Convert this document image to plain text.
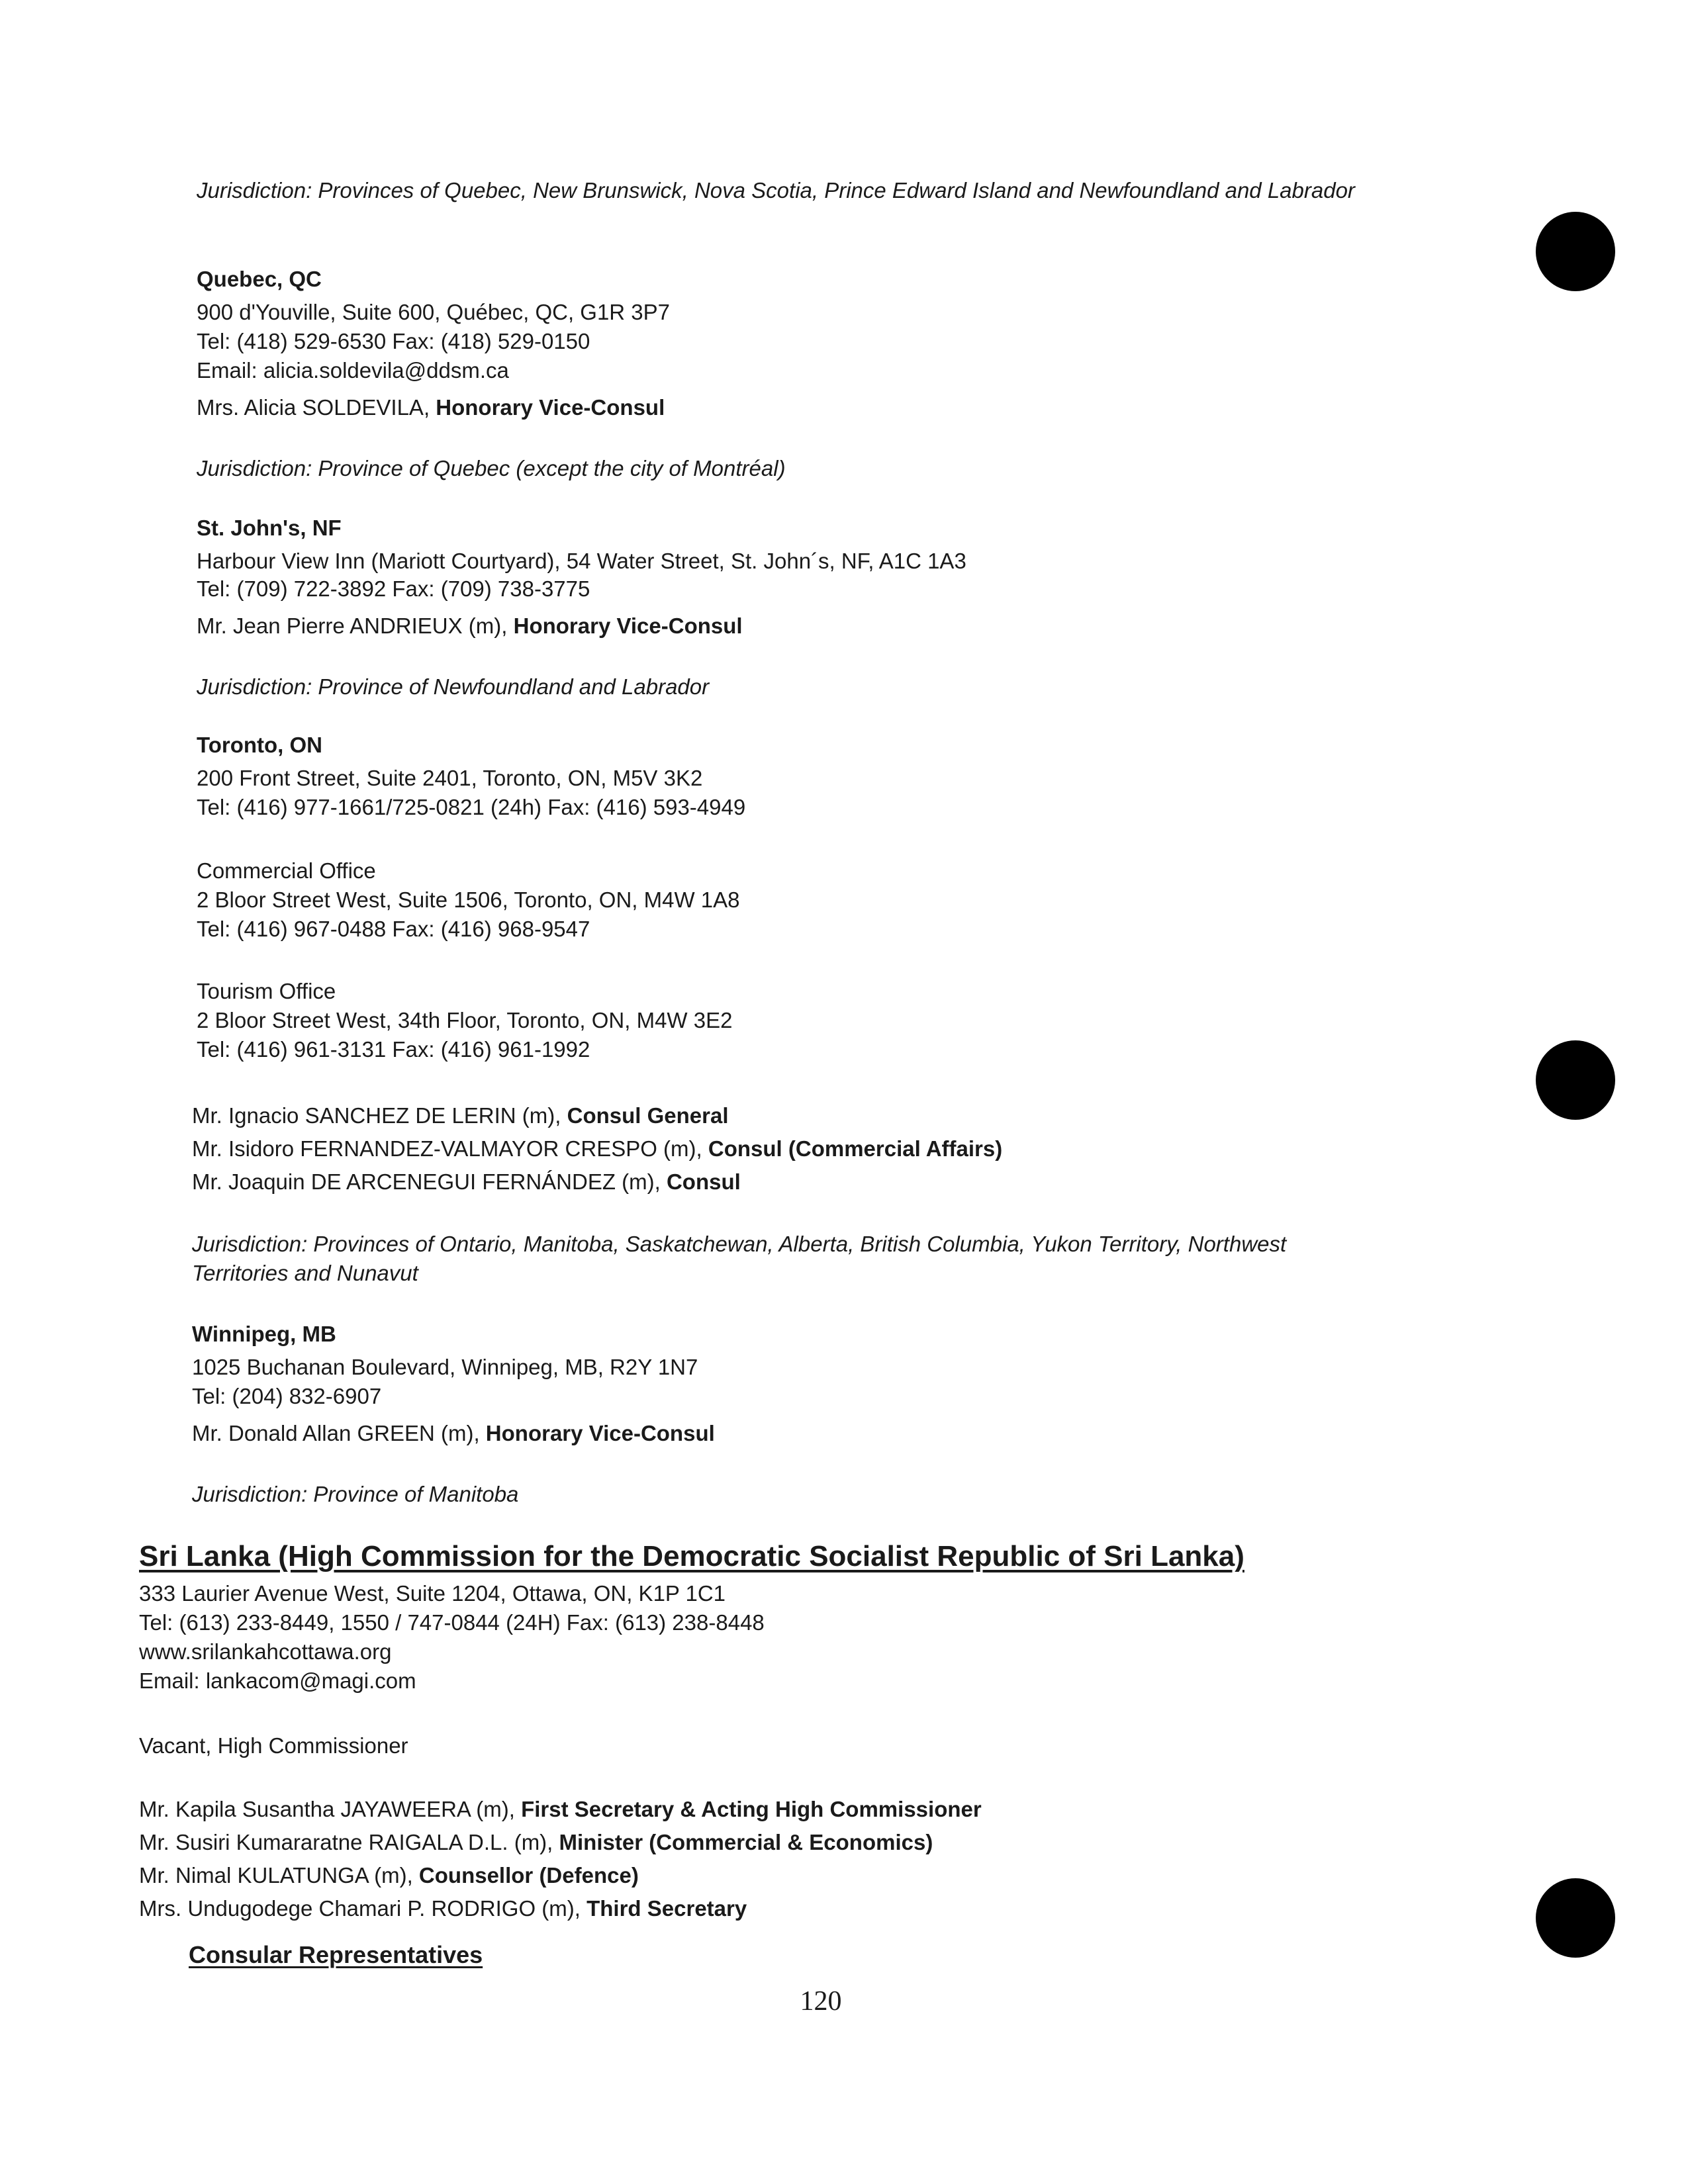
Jurisdiction: Provinces of Quebec, New Brunswick, Nova Scotia, Prince Edward Island and Newfoundland and Labrador
Quebec, QC
900 d'Youville, Suite 600, Québec, QC, G1R 3P7
Tel: (418) 529-6530 Fax: (418) 529-0150
Email: alicia.soldevila@ddsm.ca
Mrs. Alicia SOLDEVILA, Honorary Vice-Consul
Jurisdiction: Province of Quebec (except the city of Montréal)
St. John's, NF
Harbour View Inn (Mariott Courtyard), 54 Water Street, St. John´s, NF, A1C 1A3
Tel: (709) 722-3892 Fax: (709) 738-3775
Mr. Jean Pierre ANDRIEUX (m), Honorary Vice-Consul
Jurisdiction: Province of Newfoundland and Labrador
Toronto, ON
200 Front Street, Suite 2401, Toronto, ON, M5V 3K2
Tel: (416) 977-1661/725-0821 (24h) Fax: (416) 593-4949
Commercial Office
2 Bloor Street West, Suite 1506, Toronto, ON, M4W 1A8
Tel: (416) 967-0488 Fax: (416) 968-9547
Tourism Office
2 Bloor Street West, 34th Floor, Toronto, ON, M4W 3E2
Tel: (416) 961-3131 Fax: (416) 961-1992
Mr. Ignacio SANCHEZ DE LERIN (m), Consul General
Mr. Isidoro FERNANDEZ-VALMAYOR CRESPO (m), Consul (Commercial Affairs)
Mr. Joaquin DE ARCENEGUI FERNÁNDEZ (m), Consul
Jurisdiction: Provinces of Ontario, Manitoba, Saskatchewan, Alberta, British Columbia, Yukon Territory, Northwest
Territories and Nunavut
Winnipeg, MB
1025 Buchanan Boulevard, Winnipeg, MB, R2Y 1N7
Tel: (204) 832-6907
Mr. Donald Allan GREEN (m), Honorary Vice-Consul
Jurisdiction: Province of Manitoba
Sri Lanka (High Commission for the Democratic Socialist Republic of Sri Lanka)
333 Laurier Avenue West, Suite 1204, Ottawa, ON, K1P 1C1
Tel: (613) 233-8449, 1550 / 747-0844 (24H) Fax: (613) 238-8448
www.srilankahcottawa.org
Email: lankacom@magi.com
Vacant, High Commissioner
Mr. Kapila Susantha JAYAWEERA (m), First Secretary & Acting High Commissioner
Mr. Susiri Kumararatne RAIGALA D.L. (m), Minister (Commercial & Economics)
Mr. Nimal KULATUNGA (m), Counsellor (Defence)
Mrs. Undugodege Chamari P. RODRIGO (m), Third Secretary
Consular Representatives
120
